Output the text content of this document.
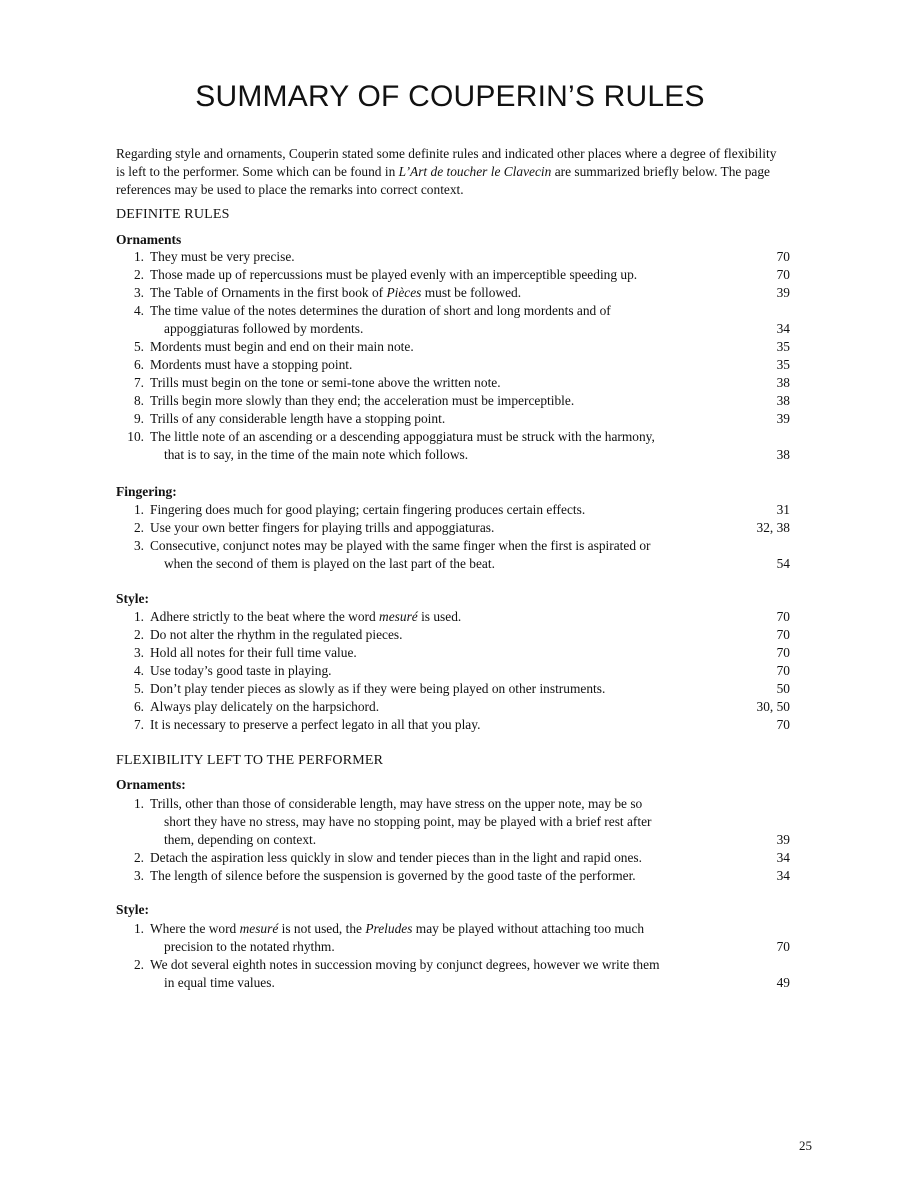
SUMMARY OF COUPERIN’S RULES

Regarding style and ornaments, Couperin stated some definite rules and indicated other places where a degree of flexibility is left to the performer. Some which can be found in L’Art de toucher le Clavecin are summarized briefly below. The page references may be used to place the remarks into correct context.

DEFINITE RULES
Ornaments
1. They must be very precise.	70
2. Those made up of repercussions must be played evenly with an imperceptible speeding up.	70
3. The Table of Ornaments in the first book of Pièces must be followed.	39
4. The time value of the notes determines the duration of short and long mordents and of
appoggiaturas followed by mordents.	34
5. Mordents must begin and end on their main note.	35
6. Mordents must have a stopping point.	35
7. Trills must begin on the tone or semi-tone above the written note.	38
8. Trills begin more slowly than they end; the acceleration must be imperceptible.	38
9. Trills of any considerable length have a stopping point.	39
10. The little note of an ascending or a descending appoggiatura must be struck with the harmony,
that is to say, in the time of the main note which follows.	38
Fingering:
1. Fingering does much for good playing; certain fingering produces certain effects.	31
2. Use your own better fingers for playing trills and appoggiaturas.	32, 38
3. Consecutive, conjunct notes may be played with the same finger when the first is aspirated or
when the second of them is played on the last part of the beat.	54
Style:
1. Adhere strictly to the beat where the word mesuré is used.	70
2. Do not alter the rhythm in the regulated pieces.	70
3. Hold all notes for their full time value.	70
4. Use today’s good taste in playing.	70
5. Don’t play tender pieces as slowly as if they were being played on other instruments.	50
6. Always play delicately on the harpsichord.	30, 50
7. It is necessary to preserve a perfect legato in all that you play.	70
FLEXIBILITY LEFT TO THE PERFORMER
Ornaments:
1. Trills, other than those of considerable length, may have stress on the upper note, may be so
short they have no stress, may have no stopping point, may be played with a brief rest after
them, depending on context.	39
2. Detach the aspiration less quickly in slow and tender pieces than in the light and rapid ones.	34
3. The length of silence before the suspension is governed by the good taste of the performer.	34
Style:
1. Where the word mesuré is not used, the Preludes may be played without attaching too much
precision to the notated rhythm.	70
2. We dot several eighth notes in succession moving by conjunct degrees, however we write them
in equal time values.	49
25
